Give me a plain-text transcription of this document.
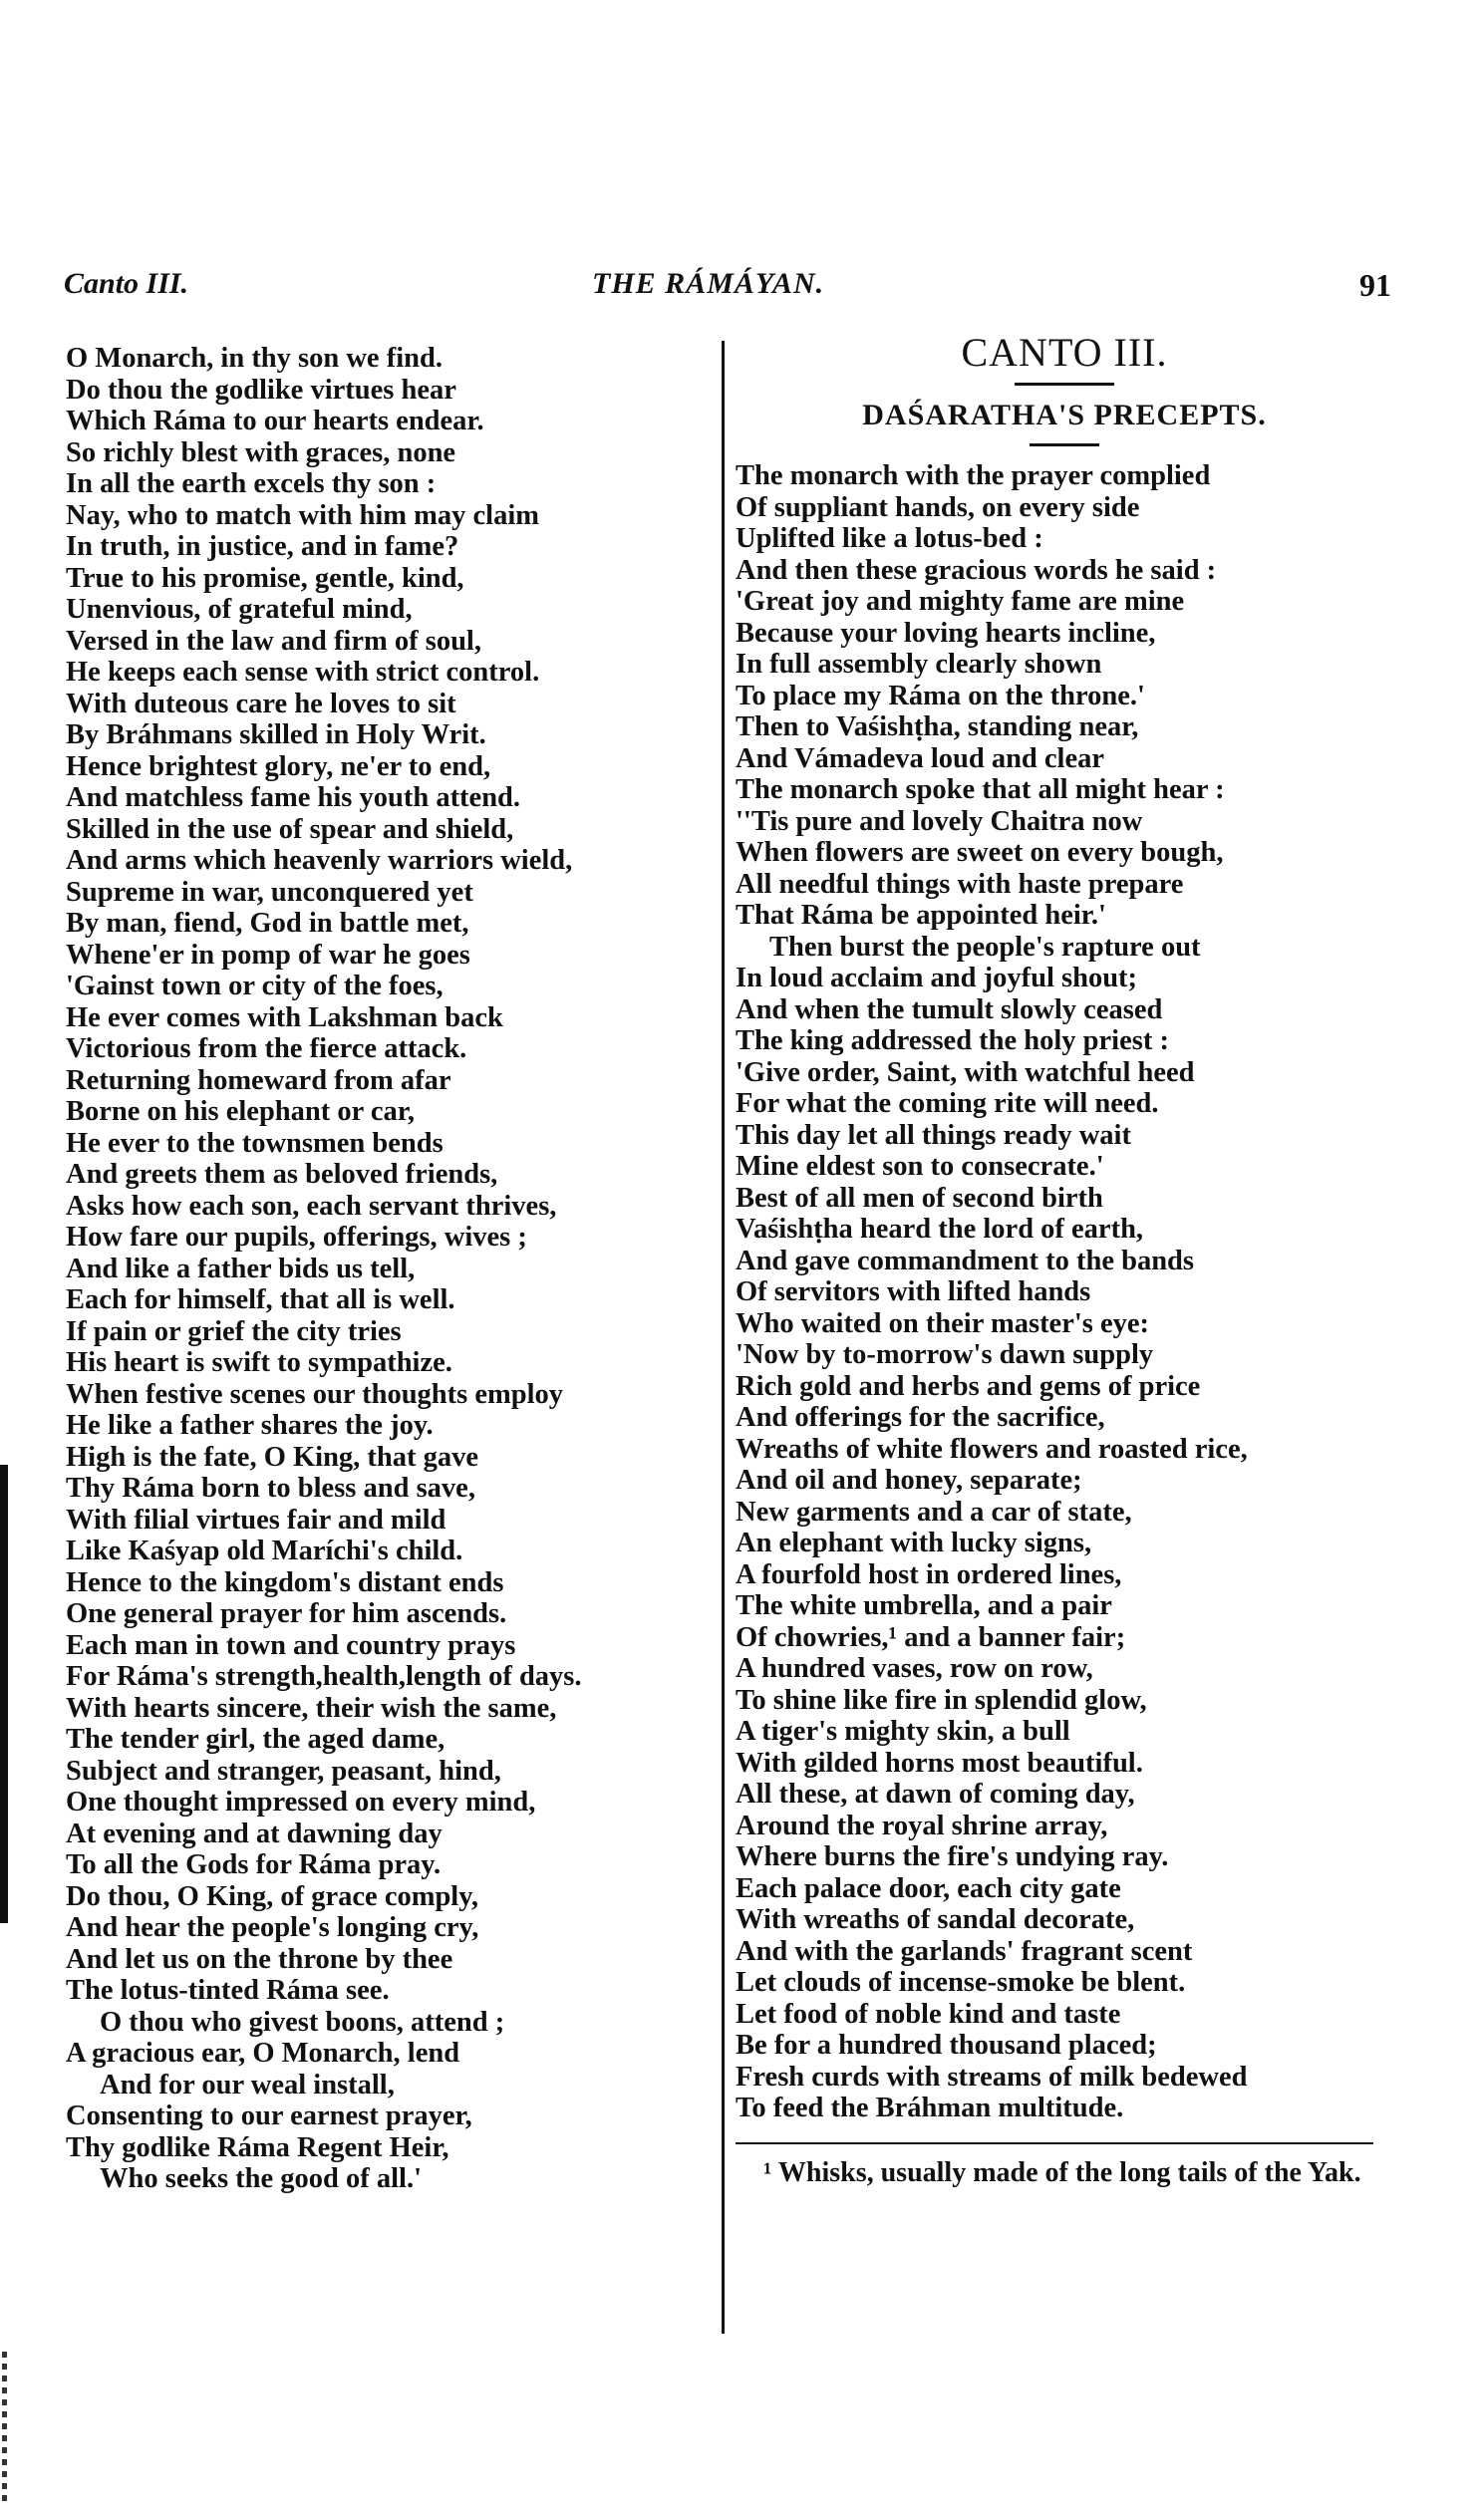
Canto III.	THE RÁMÁYAN.	91
O Monarch, in thy son we find.
Do thou the godlike virtues hear
Which Ráma to our hearts endear.
So richly blest with graces, none
In all the earth excels thy son :
Nay, who to match with him may claim
In truth, in justice, and in fame?
True to his promise, gentle, kind,
Unenvious, of grateful mind,
Versed in the law and firm of soul,
He keeps each sense with strict control.
With duteous care he loves to sit
By Bráhmans skilled in Holy Writ.
Hence brightest glory, ne'er to end,
And matchless fame his youth attend.
Skilled in the use of spear and shield,
And arms which heavenly warriors wield,
Supreme in war, unconquered yet
By man, fiend, God in battle met,
Whene'er in pomp of war he goes
'Gainst town or city of the foes,
He ever comes with Lakshman back
Victorious from the fierce attack.
Returning homeward from afar
Borne on his elephant or car,
He ever to the townsmen bends
And greets them as beloved friends,
Asks how each son, each servant thrives,
How fare our pupils, offerings, wives ;
And like a father bids us tell,
Each for himself, that all is well.
If pain or grief the city tries
His heart is swift to sympathize.
When festive scenes our thoughts employ
He like a father shares the joy.
High is the fate, O King, that gave
Thy Ráma born to bless and save,
With filial virtues fair and mild
Like Kaśyap old Maríchi's child.
Hence to the kingdom's distant ends
One general prayer for him ascends.
Each man in town and country prays
For Ráma's strength,health,length of days.
With hearts sincere, their wish the same,
The tender girl, the aged dame,
Subject and stranger, peasant, hind,
One thought impressed on every mind,
At evening and at dawning day
To all the Gods for Ráma pray.
Do thou, O King, of grace comply,
And hear the people's longing cry,
And let us on the throne by thee
The lotus-tinted Ráma see.
O thou who givest boons, attend ;
A gracious ear, O Monarch, lend
And for our weal install,
Consenting to our earnest prayer,
Thy godlike Ráma Regent Heir,
Who seeks the good of all.'
CANTO III.
DAŚARATHA'S PRECEPTS.
The monarch with the prayer complied
Of suppliant hands, on every side
Uplifted like a lotus-bed :
And then these gracious words he said :
'Great joy and mighty fame are mine
Because your loving hearts incline,
In full assembly clearly shown
To place my Ráma on the throne.'
Then to Vaśishṭha, standing near,
And Vámadeva loud and clear
The monarch spoke that all might hear :
''Tis pure and lovely Chaitra now
When flowers are sweet on every bough,
All needful things with haste prepare
That Ráma be appointed heir.'
Then burst the people's rapture out
In loud acclaim and joyful shout;
And when the tumult slowly ceased
The king addressed the holy priest :
'Give order, Saint, with watchful heed
For what the coming rite will need.
This day let all things ready wait
Mine eldest son to consecrate.'
Best of all men of second birth
Vaśishṭha heard the lord of earth,
And gave commandment to the bands
Of servitors with lifted hands
Who waited on their master's eye:
'Now by to-morrow's dawn supply
Rich gold and herbs and gems of price
And offerings for the sacrifice,
Wreaths of white flowers and roasted rice,
And oil and honey, separate;
New garments and a car of state,
An elephant with lucky signs,
A fourfold host in ordered lines,
The white umbrella, and a pair
Of chowries,¹ and a banner fair;
A hundred vases, row on row,
To shine like fire in splendid glow,
A tiger's mighty skin, a bull
With gilded horns most beautiful.
All these, at dawn of coming day,
Around the royal shrine array,
Where burns the fire's undying ray.
Each palace door, each city gate
With wreaths of sandal decorate,
And with the garlands' fragrant scent
Let clouds of incense-smoke be blent.
Let food of noble kind and taste
Be for a hundred thousand placed;
Fresh curds with streams of milk bedewed
To feed the Bráhman multitude.
¹ Whisks, usually made of the long tails of the Yak.
